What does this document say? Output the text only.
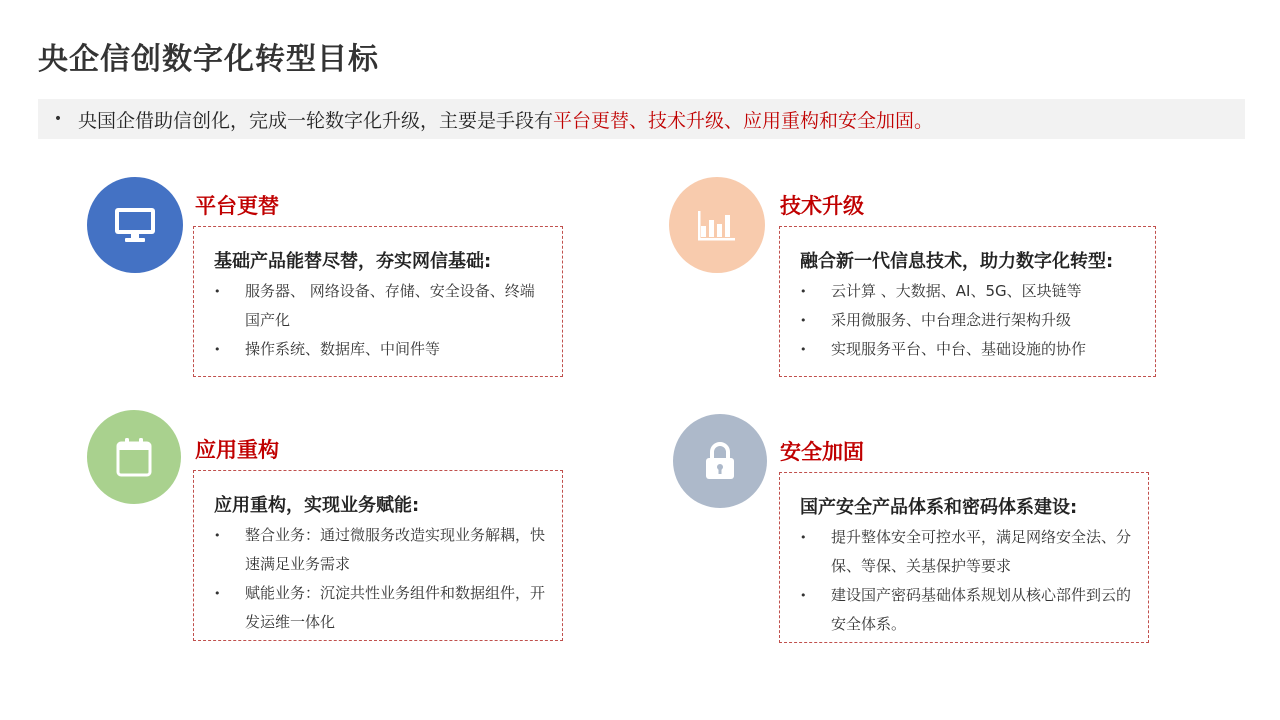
央企信创数字化转型目标
• 央国企借助信创化，完成一轮数字化升级，主要是手段有平台更替、技术升级、应用重构和安全加固。
平台更替
基础产品能替尽替，夯实网信基础:
• 服务器、 网络设备、存储、安全设备、终端国产化
• 操作系统、数据库、中间件等
技术升级
融合新一代信息技术，助力数字化转型:
• 云计算 、大数据、AI、5G、区块链等
• 采用微服务、中台理念进行架构升级
• 实现服务平台、中台、基础设施的协作
应用重构
应用重构，实现业务赋能:
• 整合业务：通过微服务改造实现业务解耦，快速满足业务需求
• 赋能业务：沉淀共性业务组件和数据组件，开发运维一体化
安全加固
国产安全产品体系和密码体系建设:
• 提升整体安全可控水平，满足网络安全法、分保、等保、关基保护等要求
• 建设国产密码基础体系规划从核心部件到云的安全体系。
